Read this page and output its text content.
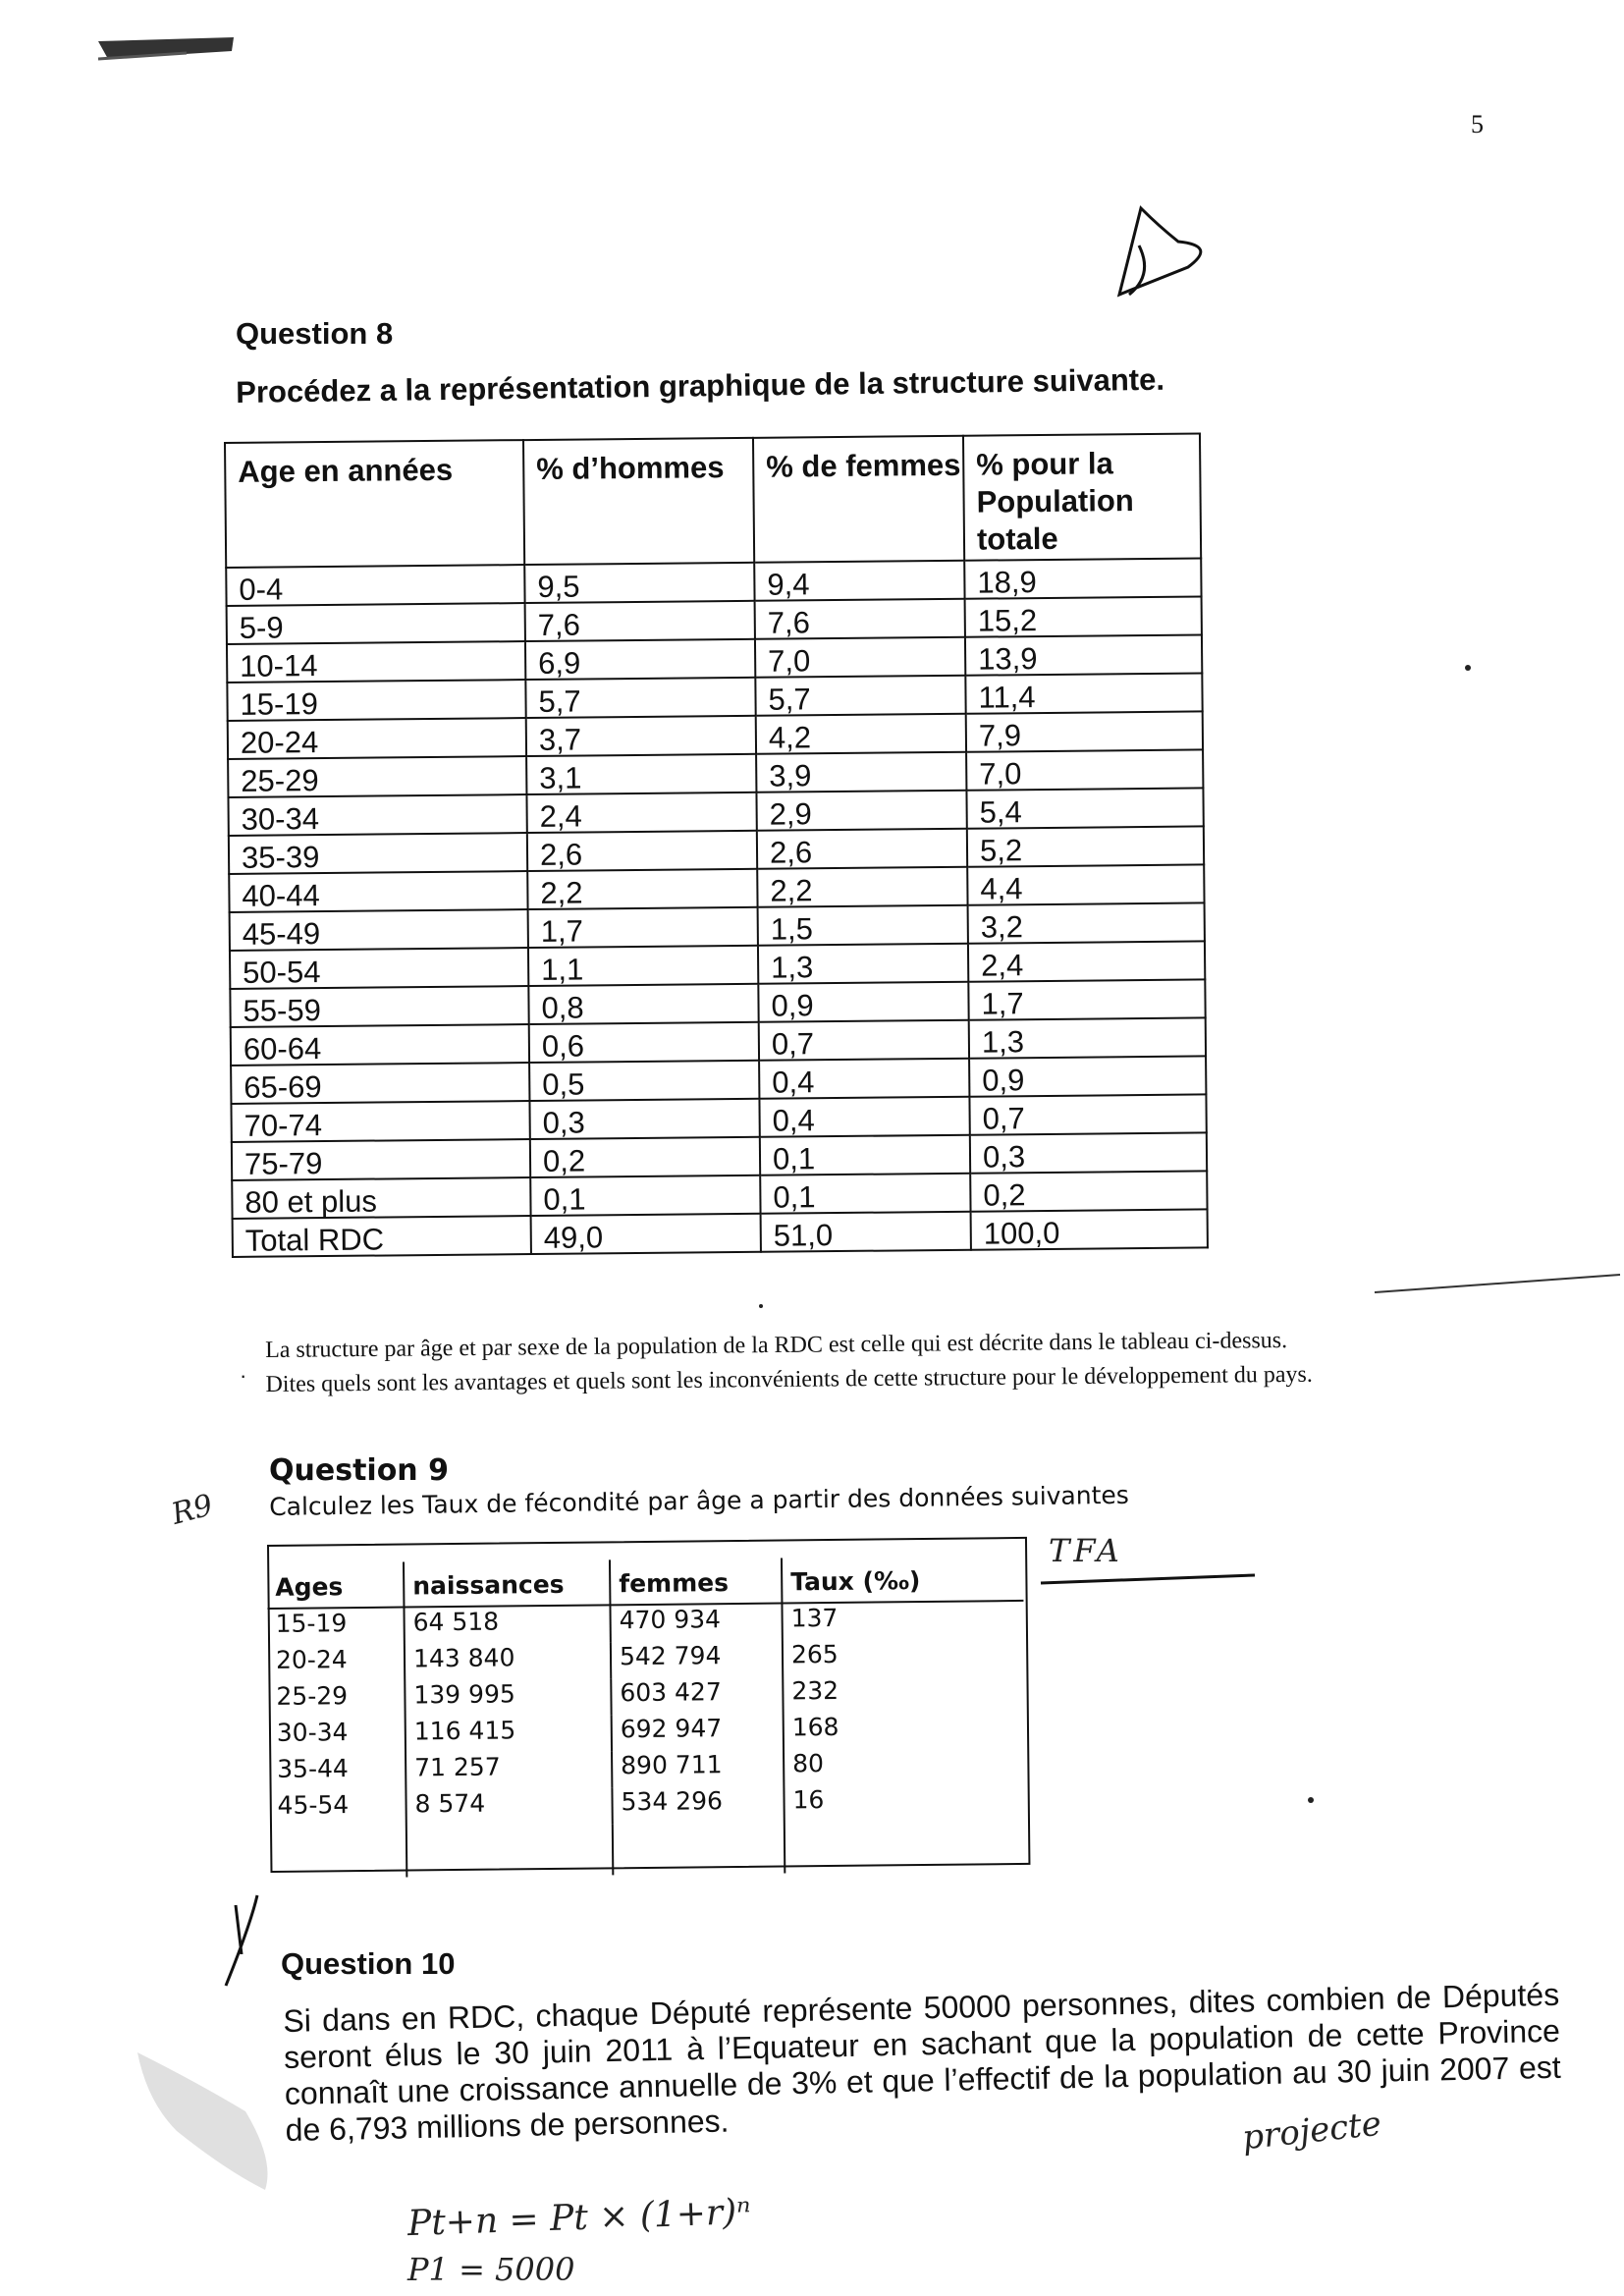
5
Question 8
Procédez a la représentation graphique de la structure suivante.
Age en années	% d’hommes	% de femmes	% pour la Population totale
0-4	9,5	9,4	18,9
5-9	7,6	7,6	15,2
10-14	6,9	7,0	13,9
15-19	5,7	5,7	11,4
20-24	3,7	4,2	7,9
25-29	3,1	3,9	7,0
30-34	2,4	2,9	5,4
35-39	2,6	2,6	5,2
40-44	2,2	2,2	4,4
45-49	1,7	1,5	3,2
50-54	1,1	1,3	2,4
55-59	0,8	0,9	1,7
60-64	0,6	0,7	1,3
65-69	0,5	0,4	0,9
70-74	0,3	0,4	0,7
75-79	0,2	0,1	0,3
80 et plus	0,1	0,1	0,2
Total RDC	49,0	51,0	100,0
·
La structure par âge et par sexe de la population de la RDC est celle qui est décrite dans le tableau ci-dessus.
Dites quels sont les avantages et quels sont les inconvénients de cette structure pour le développement du pays.
R9
Question 9
Calculez les Taux de fécondité par âge a partir des données suivantes
TFA
Ages	naissances	femmes	Taux (‰)
15-19	64 518	470 934	137
20-24	143 840	542 794	265
25-29	139 995	603 427	232
30-34	116 415	692 947	168
35-44	71 257	890 711	80
45-54	8 574	534 296	16

Question 10
Si dans en RDC, chaque Député représente 50000 personnes, dites combien de Députés seront élus le 30 juin 2011 à l’Equateur en sachant que la population de cette Province connaît une croissance annuelle de 3% et que l’effectif de la population au 30 juin 2007 est de 6,793 millions de personnes.	projecte
Pt+n = Pt × (1+r)ⁿ
P1 = 5000
